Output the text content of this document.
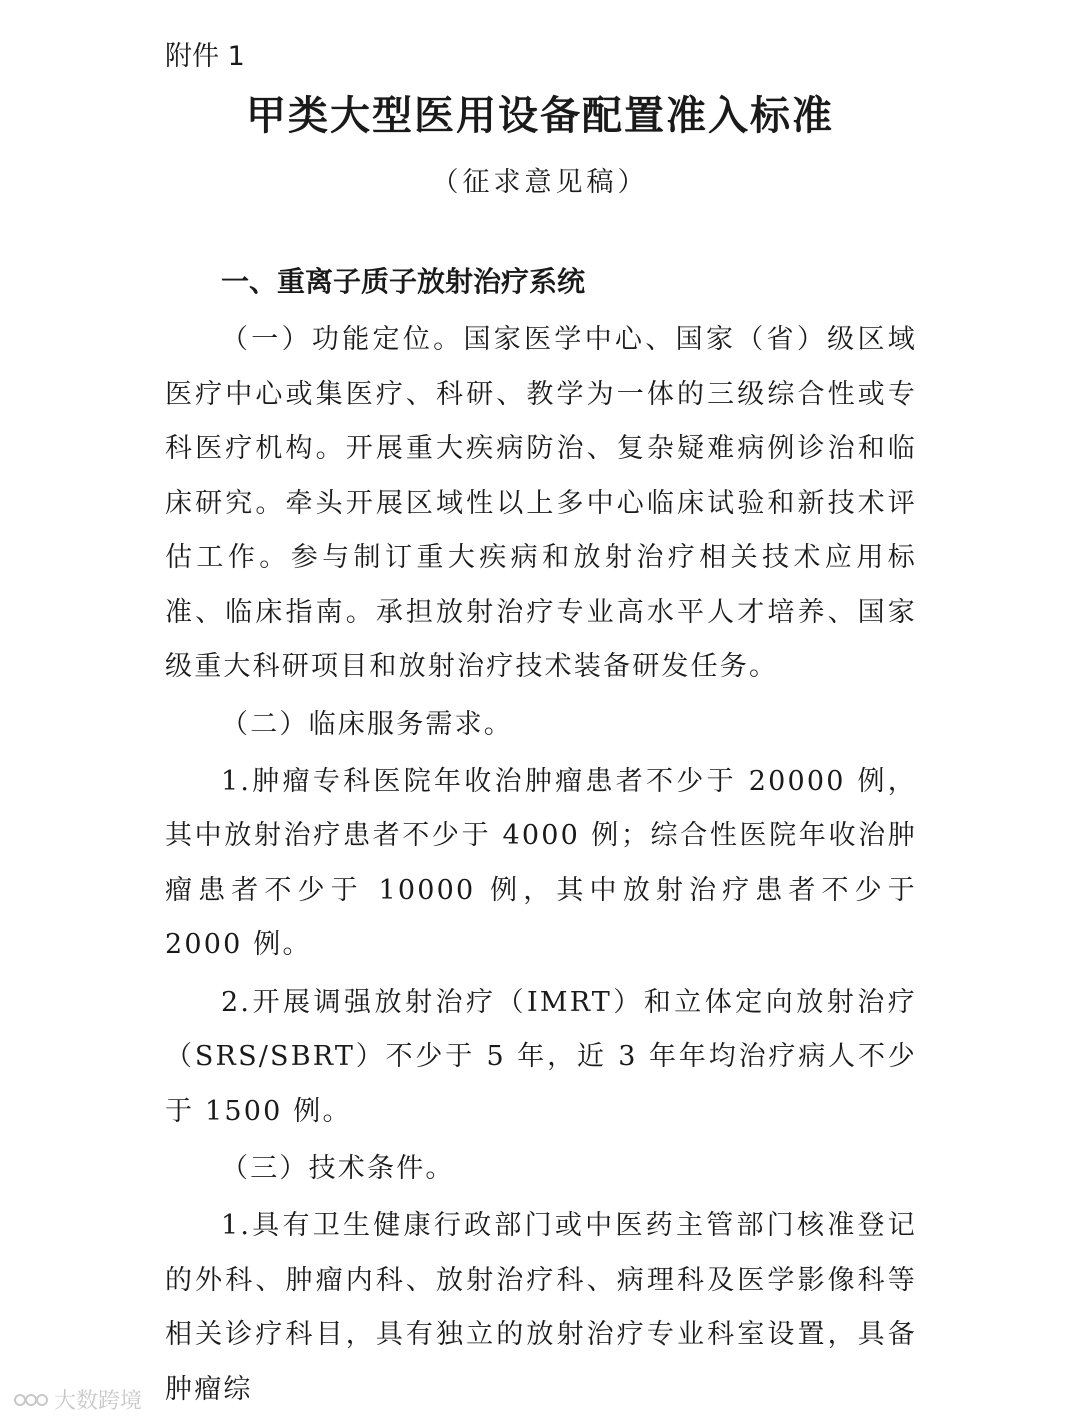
附件 1
甲类大型医用设备配置准入标准
（征求意见稿）
一、重离子质子放射治疗系统

（一）功能定位。国家医学中心、国家（省）级区域医疗中心或集医疗、科研、教学为一体的三级综合性或专科医疗机构。开展重大疾病防治、复杂疑难病例诊治和临床研究。牵头开展区域性以上多中心临床试验和新技术评估工作。参与制订重大疾病和放射治疗相关技术应用标准、临床指南。承担放射治疗专业高水平人才培养、国家级重大科研项目和放射治疗技术装备研发任务。

（二）临床服务需求。

1.肿瘤专科医院年收治肿瘤患者不少于 20000 例，其中放射治疗患者不少于 4000 例；综合性医院年收治肿瘤患者不少于 10000 例，其中放射治疗患者不少于 2000 例。

2.开展调强放射治疗（IMRT）和立体定向放射治疗（SRS/SBRT）不少于 5 年，近 3 年年均治疗病人不少于 1500 例。

（三）技术条件。

1.具有卫生健康行政部门或中医药主管部门核准登记的外科、肿瘤内科、放射治疗科、病理科及医学影像科等相关诊疗科目，具有独立的放射治疗专业科室设置，具备肿瘤综

大数跨境
